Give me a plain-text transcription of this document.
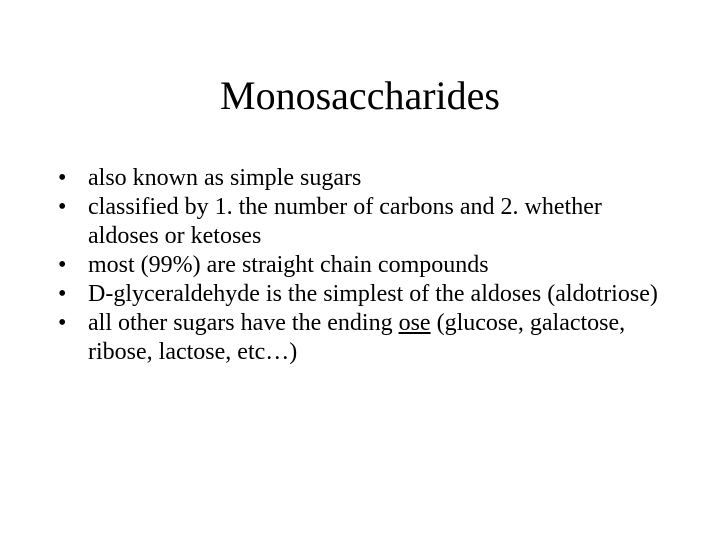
Monosaccharides
• also known as simple sugars
• classified by 1. the number of carbons and 2. whether aldoses or ketoses
• most (99%) are straight chain compounds
• D-glyceraldehyde is the simplest of the aldoses (aldotriose)
• all other sugars have the ending ose (glucose, galactose, ribose, lactose, etc…)
